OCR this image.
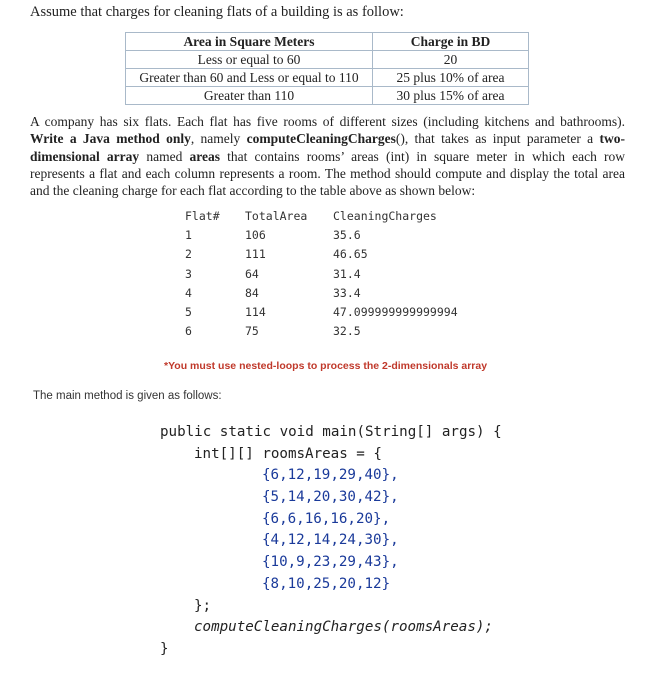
Assume that charges for cleaning flats of a building is as follow:
Area in Square Meters	Charge in BD
Less or equal to 60	20
Greater than 60 and Less or equal to 110	25 plus 10% of area
Greater than 110	30 plus 15% of area
A company has six flats. Each flat has five rooms of different sizes (including kitchens and bathrooms). Write a Java method only, namely computeCleaningCharges(), that takes as input parameter a two-dimensional array named areas that contains rooms’ areas (int) in square meter in which each row represents a flat and each column represents a room. The method should compute and display the total area and the cleaning charge for each flat according to the table above as shown below:
Flat# TotalArea CleaningCharges
1	106	35.6
2	111	46.65
3	64	31.4
4	84	33.4
5	114	47.099999999999994
6	75	32.5
*You must use nested-loops to process the 2-dimensionals array
The main method is given as follows:
public static void main(String[] args) {
int[][] roomsAreas = {
{6,12,19,29,40},
{5,14,20,30,42},
{6,6,16,16,20},
{4,12,14,24,30},
{10,9,23,29,43},
{8,10,25,20,12}
};
computeCleaningCharges(roomsAreas);
}
